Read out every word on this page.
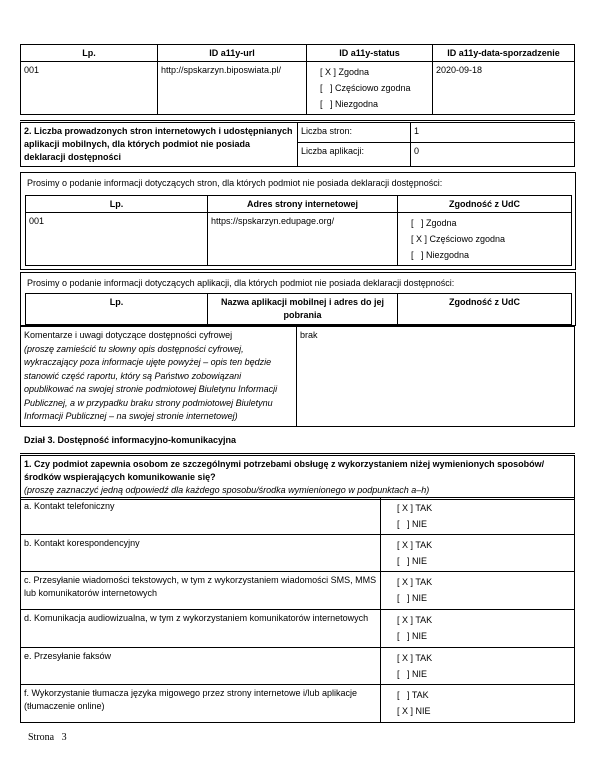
Lp.	ID a11y-url	ID a11y-status	ID a11y-data-sporzadzenie
001	http://spskarzyn.biposwiata.pl/	[ X ] Zgodna
[   ] Częściowo zgodna
[   ] Niezgodna	2020-09-18
2. Liczba prowadzonych stron internetowych i udostępnianych aplikacji mobilnych, dla których podmiot nie posiada deklaracji dostępności	Liczba stron:	1
	Liczba aplikacji:	0
Prosimy o podanie informacji dotyczących stron, dla których podmiot nie posiada deklaracji dostępności:
Lp.	Adres strony internetowej	Zgodność z UdC
001	https://spskarzyn.edupage.org/	[   ] Zgodna
[ X ] Częściowo zgodna
[   ] Niezgodna
Prosimy o podanie informacji dotyczących aplikacji, dla których podmiot nie posiada deklaracji dostępności:
Lp.	Nazwa aplikacji mobilnej i adres do jej pobrania	Zgodność z UdC
Komentarze i uwagi dotyczące dostępności cyfrowej
(proszę zamieścić tu słowny opis dostępności cyfrowej, wykraczający poza informacje ujęte powyżej – opis ten będzie stanowić część raportu, który są Państwo zobowiązani opublikować na swojej stronie podmiotowej Biuletynu Informacji Publicznej, a w przypadku braku strony podmiotowej Biuletynu Informacji Publicznej – na swojej stronie internetowej)	brak
Dział 3. Dostępność informacyjno-komunikacyjna
1. Czy podmiot zapewnia osobom ze szczególnymi potrzebami obsługę z wykorzystaniem niżej wymienionych sposobów/środków wspierających komunikowanie się?
(proszę zaznaczyć jedną odpowiedź dla każdego sposobu/środka wymienionego w podpunktach a–h)
a. Kontakt telefoniczny	[ X ] TAK
[   ] NIE

b. Kontakt korespondencyjny	[ X ] TAK
[   ] NIE

c. Przesyłanie wiadomości tekstowych, w tym z wykorzystaniem wiadomości SMS, MMS lub komunikatorów internetowych	[ X ] TAK
[   ] NIE

d. Komunikacja audiowizualna, w tym z wykorzystaniem komunikatorów internetowych	[ X ] TAK
[   ] NIE

e. Przesyłanie faksów	[ X ] TAK
[   ] NIE

f. Wykorzystanie tłumacza języka migowego przez strony internetowe i/lub aplikacje (tłumaczenie online)	[   ] TAK
[ X ] NIE
Strona 3
